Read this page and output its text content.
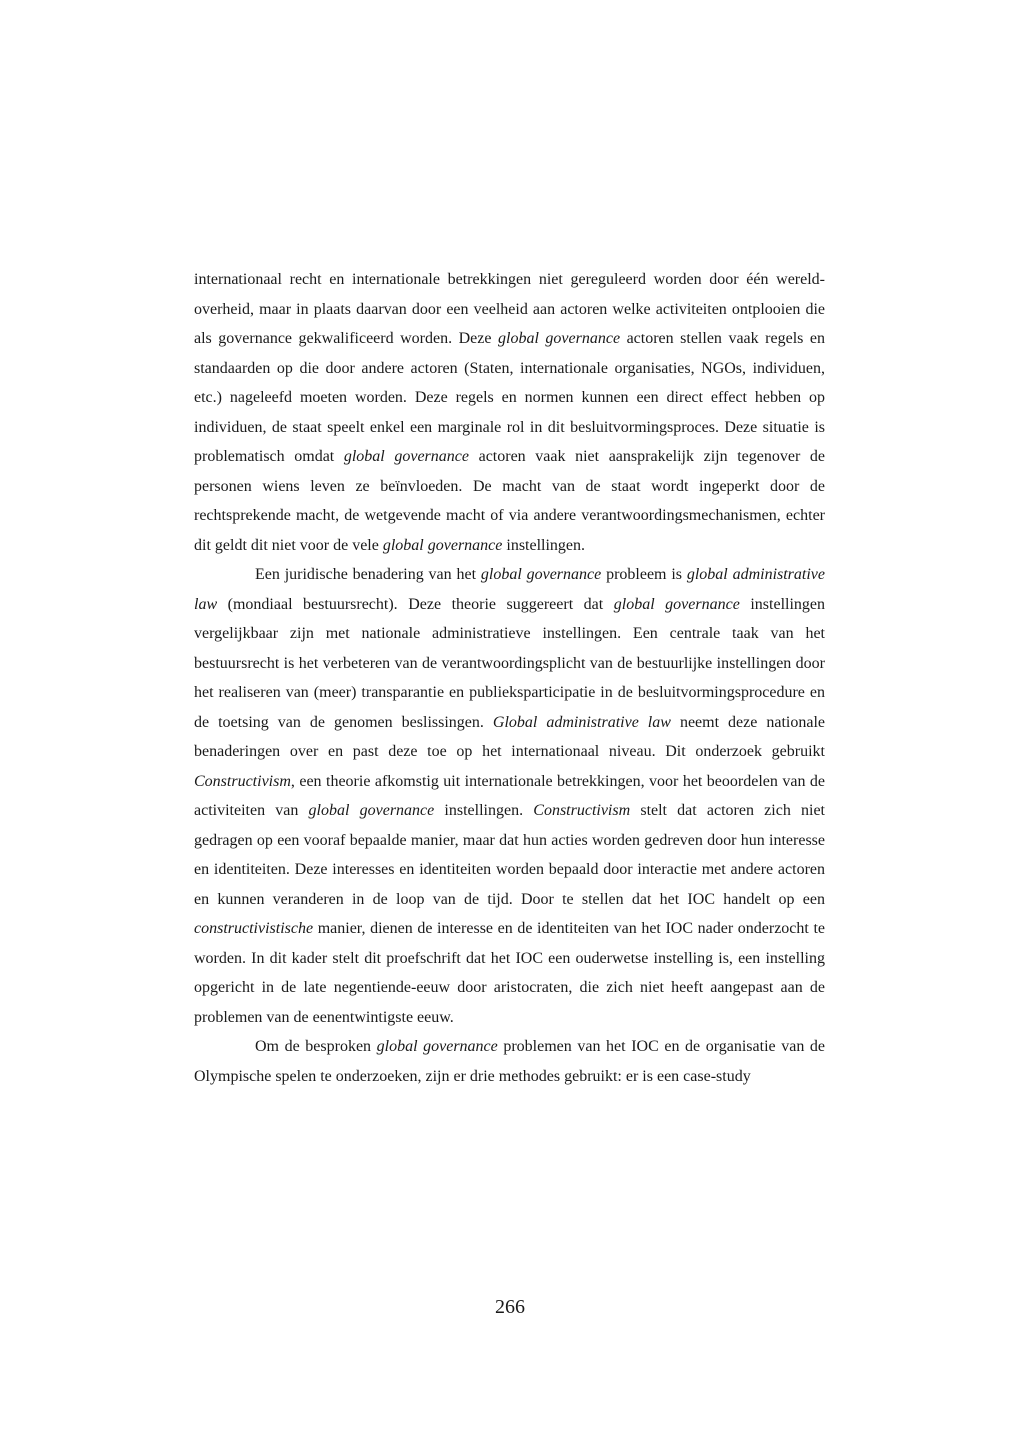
internationaal recht en internationale betrekkingen niet gereguleerd worden door één wereld-overheid, maar in plaats daarvan door een veelheid aan actoren welke activiteiten ontplooien die als governance gekwalificeerd worden. Deze global governance actoren stellen vaak regels en standaarden op die door andere actoren (Staten, internationale organisaties, NGOs, individuen, etc.) nageleefd moeten worden. Deze regels en normen kunnen een direct effect hebben op individuen, de staat speelt enkel een marginale rol in dit besluitvormingsproces. Deze situatie is problematisch omdat global governance actoren vaak niet aansprakelijk zijn tegenover de personen wiens leven ze beïnvloeden. De macht van de staat wordt ingeperkt door de rechtsprekende macht, de wetgevende macht of via andere verantwoordingsmechanismen, echter dit geldt dit niet voor de vele global governance instellingen.

Een juridische benadering van het global governance probleem is global administrative law (mondiaal bestuursrecht). Deze theorie suggereert dat global governance instellingen vergelijkbaar zijn met nationale administratieve instellingen. Een centrale taak van het bestuursrecht is het verbeteren van de verantwoordingsplicht van de bestuurlijke instellingen door het realiseren van (meer) transparantie en publieksparticipatie in de besluitvormingsprocedure en de toetsing van de genomen beslissingen. Global administrative law neemt deze nationale benaderingen over en past deze toe op het internationaal niveau. Dit onderzoek gebruikt Constructivism, een theorie afkomstig uit internationale betrekkingen, voor het beoordelen van de activiteiten van global governance instellingen. Constructivism stelt dat actoren zich niet gedragen op een vooraf bepaalde manier, maar dat hun acties worden gedreven door hun interesse en identiteiten. Deze interesses en identiteiten worden bepaald door interactie met andere actoren en kunnen veranderen in de loop van de tijd. Door te stellen dat het IOC handelt op een constructivistische manier, dienen de interesse en de identiteiten van het IOC nader onderzocht te worden. In dit kader stelt dit proefschrift dat het IOC een ouderwetse instelling is, een instelling opgericht in de late negentiende-eeuw door aristocraten, die zich niet heeft aangepast aan de problemen van de eenentwintigste eeuw.

Om de besproken global governance problemen van het IOC en de organisatie van de Olympische spelen te onderzoeken, zijn er drie methodes gebruikt: er is een case-study

266
